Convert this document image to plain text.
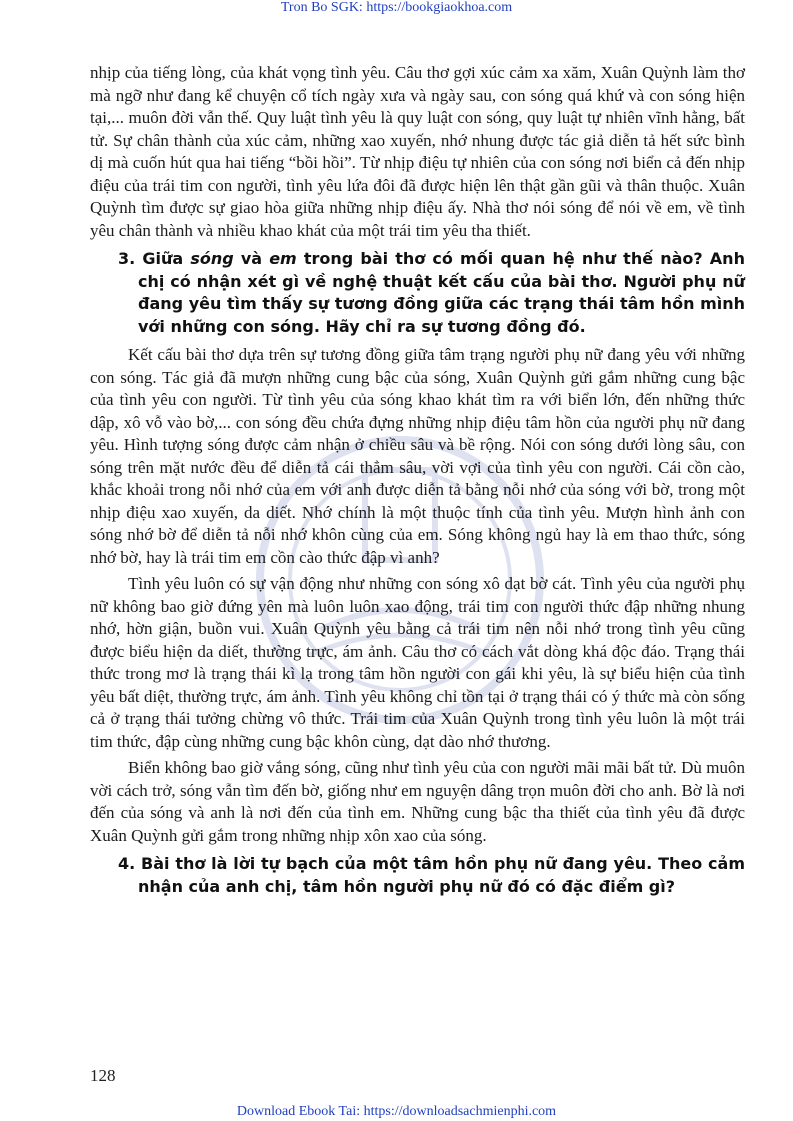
Tron Bo SGK: https://bookgiaokhoa.com

nhịp của tiếng lòng, của khát vọng tình yêu. Câu thơ gợi xúc cảm xa xăm, Xuân Quỳnh làm thơ mà ngỡ như đang kể chuyện cổ tích ngày xưa và ngày sau, con sóng quá khứ và con sóng hiện tại,... muôn đời vẫn thế. Quy luật tình yêu là quy luật con sóng, quy luật tự nhiên vĩnh hằng, bất tử. Sự chân thành của xúc cảm, những xao xuyến, nhớ nhung được tác giả diễn tả hết sức bình dị mà cuốn hút qua hai tiếng “bồi hồi”. Từ nhịp điệu tự nhiên của con sóng nơi biển cả đến nhịp điệu của trái tim con người, tình yêu lứa đôi đã được hiện lên thật gần gũi và thân thuộc. Xuân Quỳnh tìm được sự giao hòa giữa những nhịp điệu ấy. Nhà thơ nói sóng để nói về em, về tình yêu chân thành và nhiều khao khát của một trái tim yêu tha thiết.

3. Giữa sóng và em trong bài thơ có mối quan hệ như thế nào? Anh chị có nhận xét gì về nghệ thuật kết cấu của bài thơ. Người phụ nữ đang yêu tìm thấy sự tương đồng giữa các trạng thái tâm hồn mình với những con sóng. Hãy chỉ ra sự tương đồng đó.

Kết cấu bài thơ dựa trên sự tương đồng giữa tâm trạng người phụ nữ đang yêu với những con sóng. Tác giả đã mượn những cung bậc của sóng, Xuân Quỳnh gửi gắm những cung bậc của tình yêu con người. Từ tình yêu của sóng khao khát tìm ra với biển lớn, đến những thức dập, xô vỗ vào bờ,... con sóng đều chứa đựng những nhịp điệu tâm hồn của người phụ nữ đang yêu. Hình tượng sóng được cảm nhận ở chiều sâu và bề rộng. Nói con sóng dưới lòng sâu, con sóng trên mặt nước đều để diễn tả cái thẳm sâu, vời vợi của tình yêu con người. Cái cồn cào, khắc khoải trong nỗi nhớ của em với anh được diễn tả bằng nỗi nhớ của sóng với bờ, trong một nhịp điệu xao xuyến, da diết. Nhớ chính là một thuộc tính của tình yêu. Mượn hình ảnh con sóng nhớ bờ để diễn tả nỗi nhớ khôn cùng của em. Sóng không ngủ hay là em thao thức, sóng nhớ bờ, hay là trái tim em cồn cào thức đập vì anh?

Tình yêu luôn có sự vận động như những con sóng xô dạt bờ cát. Tình yêu của người phụ nữ không bao giờ đứng yên mà luôn luôn xao động, trái tim con người thức đập những nhung nhớ, hờn giận, buồn vui. Xuân Quỳnh yêu bằng cả trái tim nên nỗi nhớ trong tình yêu cũng được biểu hiện da diết, thường trực, ám ảnh. Câu thơ có cách vắt dòng khá độc đáo. Trạng thái thức trong mơ là trạng thái kì lạ trong tâm hồn người con gái khi yêu, là sự biểu hiện của tình yêu bất diệt, thường trực, ám ảnh. Tình yêu không chỉ tồn tại ở trạng thái có ý thức mà còn sống cả ở trạng thái tưởng chừng vô thức. Trái tim của Xuân Quỳnh trong tình yêu luôn là một trái tim thức, đập cùng những cung bậc khôn cùng, dạt dào nhớ thương.

Biển không bao giờ vắng sóng, cũng như tình yêu của con người mãi mãi bất tử. Dù muôn vời cách trở, sóng vẫn tìm đến bờ, giống như em nguyện dâng trọn muôn đời cho anh. Bờ là nơi đến của sóng và anh là nơi đến của tình em. Những cung bậc tha thiết của tình yêu đã được Xuân Quỳnh gửi gắm trong những nhịp xôn xao của sóng.

4. Bài thơ là lời tự bạch của một tâm hồn phụ nữ đang yêu. Theo cảm nhận của anh chị, tâm hồn người phụ nữ đó có đặc điểm gì?

128
Download Ebook Tai: https://downloadsachmienphi.com
